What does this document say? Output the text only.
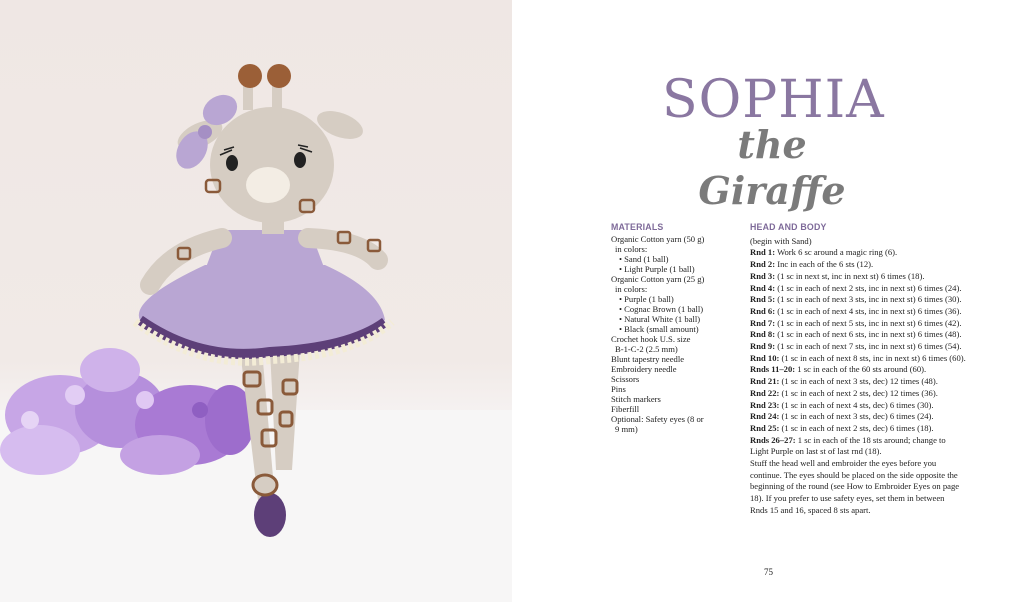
SOPHIA
the Giraffe
MATERIALS
Organic Cotton yarn (50 g)
in colors:
• Sand (1 ball)
• Light Purple (1 ball)
Organic Cotton yarn (25 g)
in colors:
• Purple (1 ball)
• Cognac Brown (1 ball)
• Natural White (1 ball)
• Black (small amount)
Crochet hook U.S. size
B-1-C-2 (2.5 mm)
Blunt tapestry needle
Embroidery needle
Scissors
Pins
Stitch markers
Fiberfill
Optional: Safety eyes (8 or
9 mm)
HEAD AND BODY
(begin with Sand)
Rnd 1: Work 6 sc around a magic ring (6).
Rnd 2: Inc in each of the 6 sts (12).
Rnd 3: (1 sc in next st, inc in next st) 6 times (18).
Rnd 4: (1 sc in each of next 2 sts, inc in next st) 6 times (24).
Rnd 5: (1 sc in each of next 3 sts, inc in next st) 6 times (30).
Rnd 6: (1 sc in each of next 4 sts, inc in next st) 6 times (36).
Rnd 7: (1 sc in each of next 5 sts, inc in next st) 6 times (42).
Rnd 8: (1 sc in each of next 6 sts, inc in next st) 6 times (48).
Rnd 9: (1 sc in each of next 7 sts, inc in next st) 6 times (54).
Rnd 10: (1 sc in each of next 8 sts, inc in next st) 6 times (60).
Rnds 11–20: 1 sc in each of the 60 sts around (60).
Rnd 21: (1 sc in each of next 3 sts, dec) 12 times (48).
Rnd 22: (1 sc in each of next 2 sts, dec) 12 times (36).
Rnd 23: (1 sc in each of next 4 sts, dec) 6 times (30).
Rnd 24: (1 sc in each of next 3 sts, dec) 6 times (24).
Rnd 25: (1 sc in each of next 2 sts, dec) 6 times (18).
Rnds 26–27: 1 sc in each of the 18 sts around; change to Light Purple on last st of last rnd (18).
Stuff the head well and embroider the eyes before you continue. The eyes should be placed on the side opposite the beginning of the round (see How to Embroider Eyes on page 18). If you prefer to use safety eyes, set them in between Rnds 15 and 16, spaced 8 sts apart.
75
